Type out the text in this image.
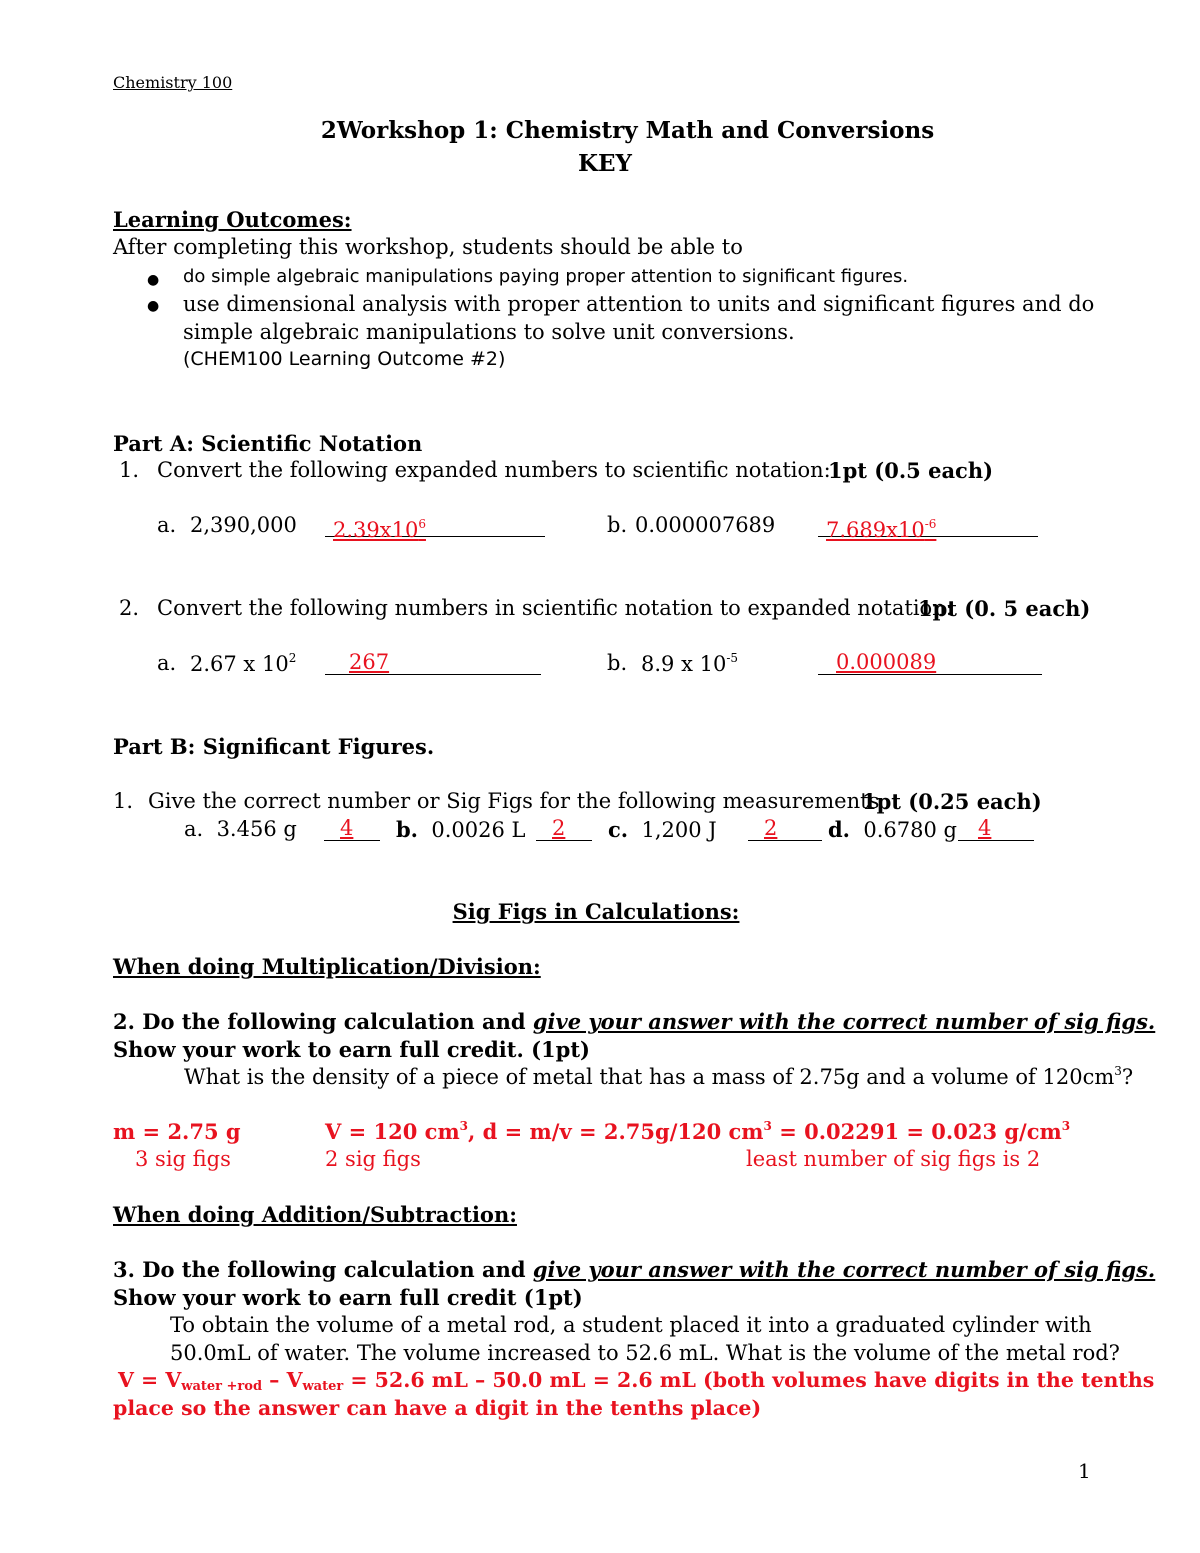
Chemistry 100
2Workshop 1: Chemistry Math and Conversions
KEY
Learning Outcomes:
After completing this workshop, students should be able to
● do simple algebraic manipulations paying proper attention to significant figures.
● use dimensional analysis with proper attention to units and significant figures and do
simple algebraic manipulations to solve unit conversions.
(CHEM100 Learning Outcome #2)
Part A: Scientific Notation
1. Convert the following expanded numbers to scientific notation:
1pt (0.5 each)
a. 2,390,000	$2.39x10^6$	b. 0.000007689	$7.689x10^{-6}$
2. Convert the following numbers in scientific notation to expanded notation:
1pt (0. 5 each)
a. 2.67 x $10^2$	267	b. 8.9 x $10^{-5}$	0.000089
Part B: Significant Figures.
1. Give the correct number or Sig Figs for the following measurements
1pt (0.25 each)
a. 3.456 g	4	b. 0.0026 L	2	c. 1,200 J	2	d. 0.6780 g	4
Sig Figs in Calculations:
When doing Multiplication/Division:
2. Do the following calculation and give your answer with the correct number of sig figs.
Show your work to earn full credit. (1pt)
What is the density of a piece of metal that has a mass of 2.75g and a volume of $120cm^3$?
m = 2.75 g	V = 120 $cm^3$, d = m/v = 2.75g/120 $cm^3 = 0.02291 = 0.023$ $g/cm^3$
3 sig figs	2 sig figs	least number of sig figs is 2
When doing Addition/Subtraction:
3. Do the following calculation and give your answer with the correct number of sig figs.
Show your work to earn full credit (1pt)
To obtain the volume of a metal rod, a student placed it into a graduated cylinder with
50.0mL of water. The volume increased to 52.6 mL. What is the volume of the metal rod?
$V = V_{water +rod} - V_{water} = 52.6$ mL – 50.0 mL = 2.6 mL (both volumes have digits in the tenths
place so the answer can have a digit in the tenths place)
1
